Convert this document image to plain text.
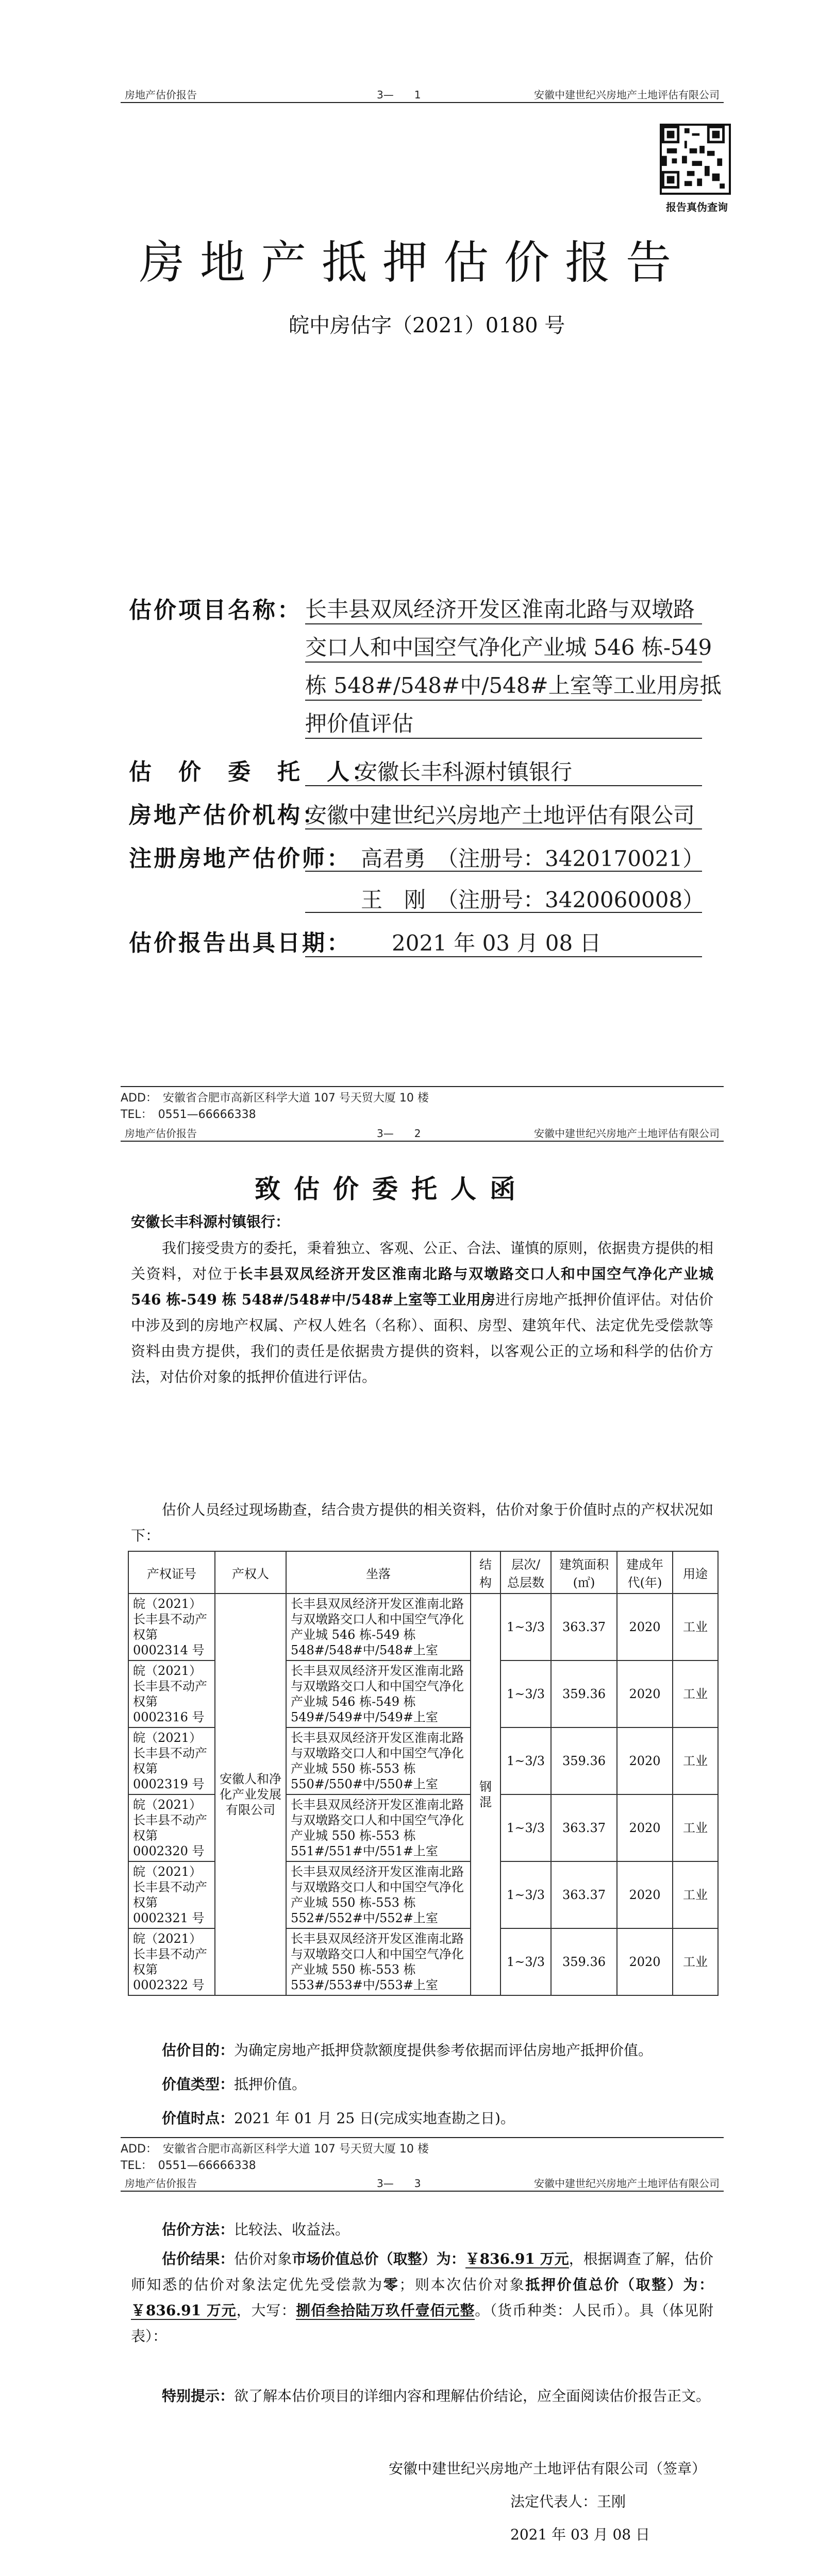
房地产估价报告	3—　　1	安徽中建世纪兴房地产土地评估有限公司
报告真伪查询
房地产抵押估价报告
皖中房估字（2021）0180 号
估价项目名称： 长丰县双凤经济开发区淮南北路与双墩路
交口人和中国空气净化产业城 546 栋-549
栋 548#/548#中/548#上室等工业用房抵
押价值评估
估　价　委　托　人：
安徽长丰科源村镇银行
房地产估价机构：
安徽中建世纪兴房地产土地评估有限公司
注册房地产估价师： 高君勇　（注册号：3420170021）
王　刚　（注册号：3420060008）
估价报告出具日期： 2021 年 03 月 08 日
ADD：　安徽省合肥市高新区科学大道 107 号天贸大厦 10 楼
TEL：　0551—66666338
房地产估价报告	3—　　2	安徽中建世纪兴房地产土地评估有限公司
致估价委托人函
安徽长丰科源村镇银行：
我们接受贵方的委托，秉着独立、客观、公正、合法、谨慎的原则，依据贵方提供的相关资料，对位于长丰县双凤经济开发区淮南北路与双墩路交口人和中国空气净化产业城 546 栋-549 栋 548#/548#中/548#上室等工业用房进行房地产抵押价值评估。对估价中涉及到的房地产权属、产权人姓名（名称）、面积、房型、建筑年代、法定优先受偿款等资料由贵方提供，我们的责任是依据贵方提供的资料，以客观公正的立场和科学的估价方法，对估价对象的抵押价值进行评估。
估价人员经过现场勘查，结合贵方提供的相关资料，估价对象于价值时点的产权状况如下：
产权证号	产权人	坐落	结构	层次/总层数	建筑面积(㎡)	建成年代(年)	用途
皖（2021）长丰县不动产权第 0002314 号	安徽人和净化产业发展有限公司	长丰县双凤经济开发区淮南北路与双墩路交口人和中国空气净化产业城 546 栋-549 栋 548#/548#中/548#上室	钢混	1~3/3	363.37	2020	工业
皖（2021）长丰县不动产权第 0002316 号		长丰县双凤经济开发区淮南北路与双墩路交口人和中国空气净化产业城 546 栋-549 栋 549#/549#中/549#上室		1~3/3	359.36	2020	工业
皖（2021）长丰县不动产权第 0002319 号		长丰县双凤经济开发区淮南北路与双墩路交口人和中国空气净化产业城 550 栋-553 栋 550#/550#中/550#上室		1~3/3	359.36	2020	工业
皖（2021）长丰县不动产权第 0002320 号		长丰县双凤经济开发区淮南北路与双墩路交口人和中国空气净化产业城 550 栋-553 栋 551#/551#中/551#上室		1~3/3	363.37	2020	工业
皖（2021）长丰县不动产权第 0002321 号		长丰县双凤经济开发区淮南北路与双墩路交口人和中国空气净化产业城 550 栋-553 栋 552#/552#中/552#上室		1~3/3	363.37	2020	工业
皖（2021）长丰县不动产权第 0002322 号		长丰县双凤经济开发区淮南北路与双墩路交口人和中国空气净化产业城 550 栋-553 栋 553#/553#中/553#上室		1~3/3	359.36	2020	工业
估价目的：为确定房地产抵押贷款额度提供参考依据而评估房地产抵押价值。
价值类型：抵押价值。
价值时点：2021 年 01 月 25 日(完成实地查勘之日)。
ADD：　安徽省合肥市高新区科学大道 107 号天贸大厦 10 楼
TEL：　0551—66666338
房地产估价报告	3—　　3	安徽中建世纪兴房地产土地评估有限公司
估价方法：比较法、收益法。
估价结果：估价对象市场价值总价（取整）为：￥836.91 万元，根据调查了解，估价师知悉的估价对象法定优先受偿款为零；则本次估价对象抵押价值总价（取整）为：￥836.91 万元，大写：捌佰叁拾陆万玖仟壹佰元整。（货币种类：人民币）。具（体见附表）：
特别提示：欲了解本估价项目的详细内容和理解估价结论，应全面阅读估价报告正文。
安徽中建世纪兴房地产土地评估有限公司（签章）
法定代表人：王刚
2021 年 03 月 08 日
